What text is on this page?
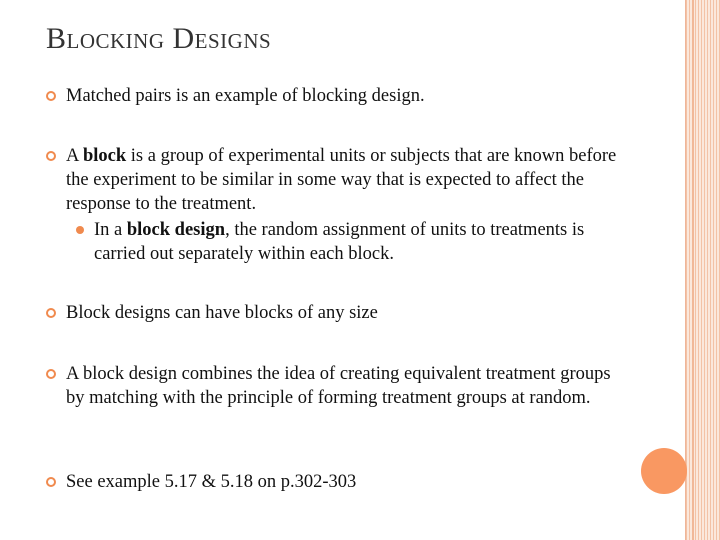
Blocking Designs
Matched pairs is an example of blocking design.
A block is a group of experimental units or subjects that are known before the experiment to be similar in some way that is expected to affect the response to the treatment.
In a block design, the random assignment of units to treatments is carried out separately within each block.
Block designs can have blocks of any size
A block design combines the idea of creating equivalent treatment groups by matching with the principle of forming treatment groups at random.
See example 5.17 & 5.18 on p.302-303
